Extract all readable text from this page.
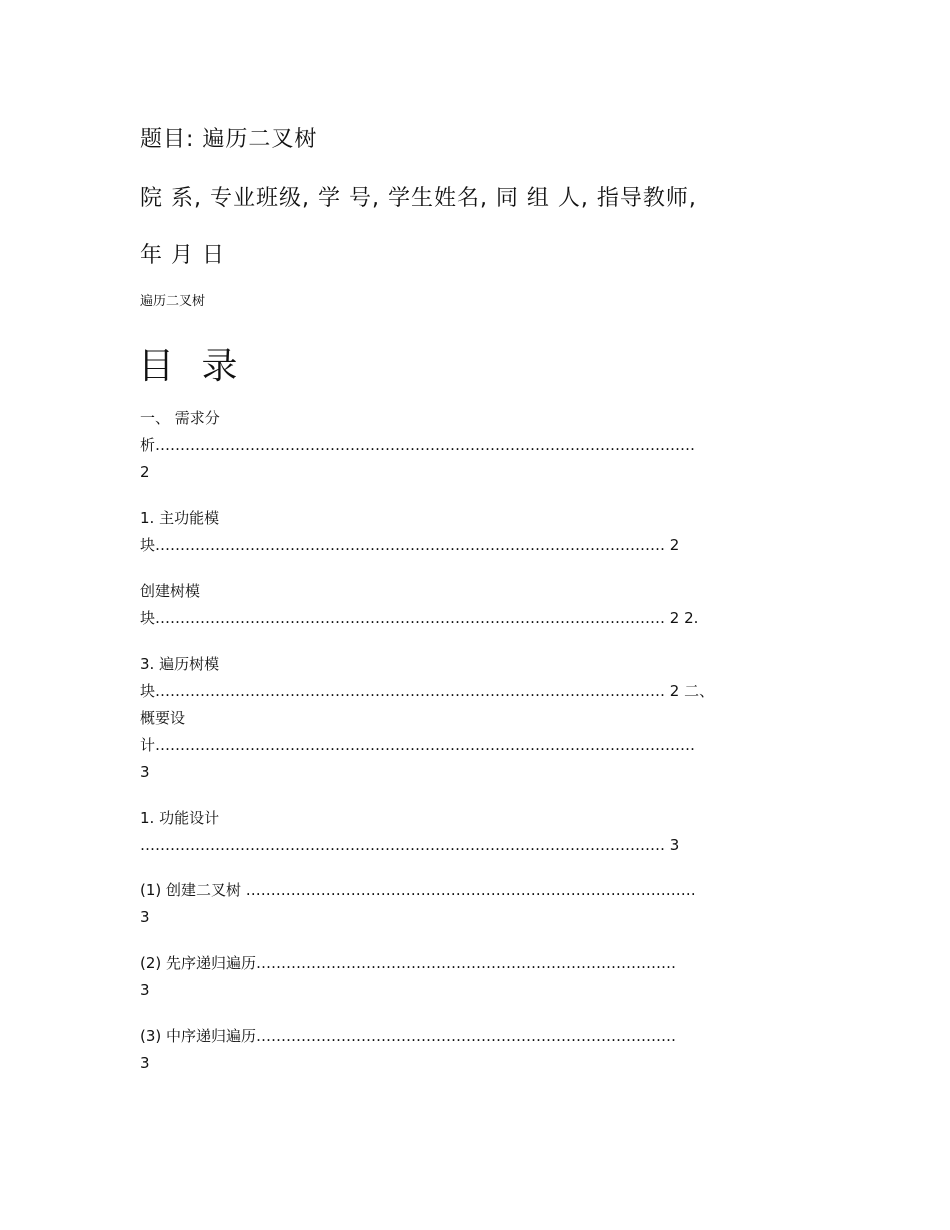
题目: 遍历二叉树
院 系, 专业班级, 学 号, 学生姓名, 同 组 人, 指导教师,
年 月 日
遍历二叉树
目 录
一、 需求分
析………………………………………………………………………………………………
2
1. 主功能模
块………………………………………………………………………………………… 2
创建树模
块………………………………………………………………………………………… 2 2.
3. 遍历树模
块………………………………………………………………………………………… 2 二、
概要设
计………………………………………………………………………………………………
3
1. 功能设计
…………………………………………………………………………………………… 3
(1) 创建二叉树 ………………………………………………………………………………
3
(2) 先序递归遍历…………………………………………………………………………
3
(3) 中序递归遍历…………………………………………………………………………
3
